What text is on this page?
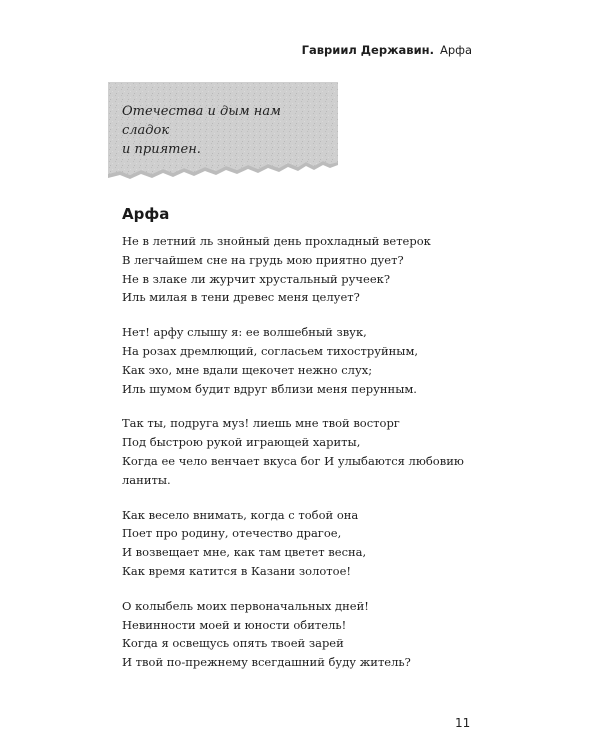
Гавриил Державин. Арфа
Отечества и дым нам сладок
и приятен.
Арфа
Не в летний ль знойный день прохладный ветерок
В легчайшем сне на грудь мою приятно дует?
Не в злаке ли журчит хрустальный ручеек?
Иль милая в тени древес меня целует?
Нет! арфу слышу я: ее волшебный звук,
На розах дремлющий, согласьем тихоструйным,
Как эхо, мне вдали щекочет нежно слух;
Иль шумом будит вдруг вблизи меня перунным.
Так ты, подруга муз! лиешь мне твой восторг
Под быстрою рукой играющей хариты,
Когда ее чело венчает вкуса бог И улыбаются любовию
ланиты.
Как весело внимать, когда с тобой она
Поет про родину, отечество драгое,
И возвещает мне, как там цветет весна,
Как время катится в Казани золотое!
О колыбель моих первоначальных дней!
Невинности моей и юности обитель!
Когда я освещусь опять твоей зарей
И твой по-прежнему всегдашний буду житель?
11
